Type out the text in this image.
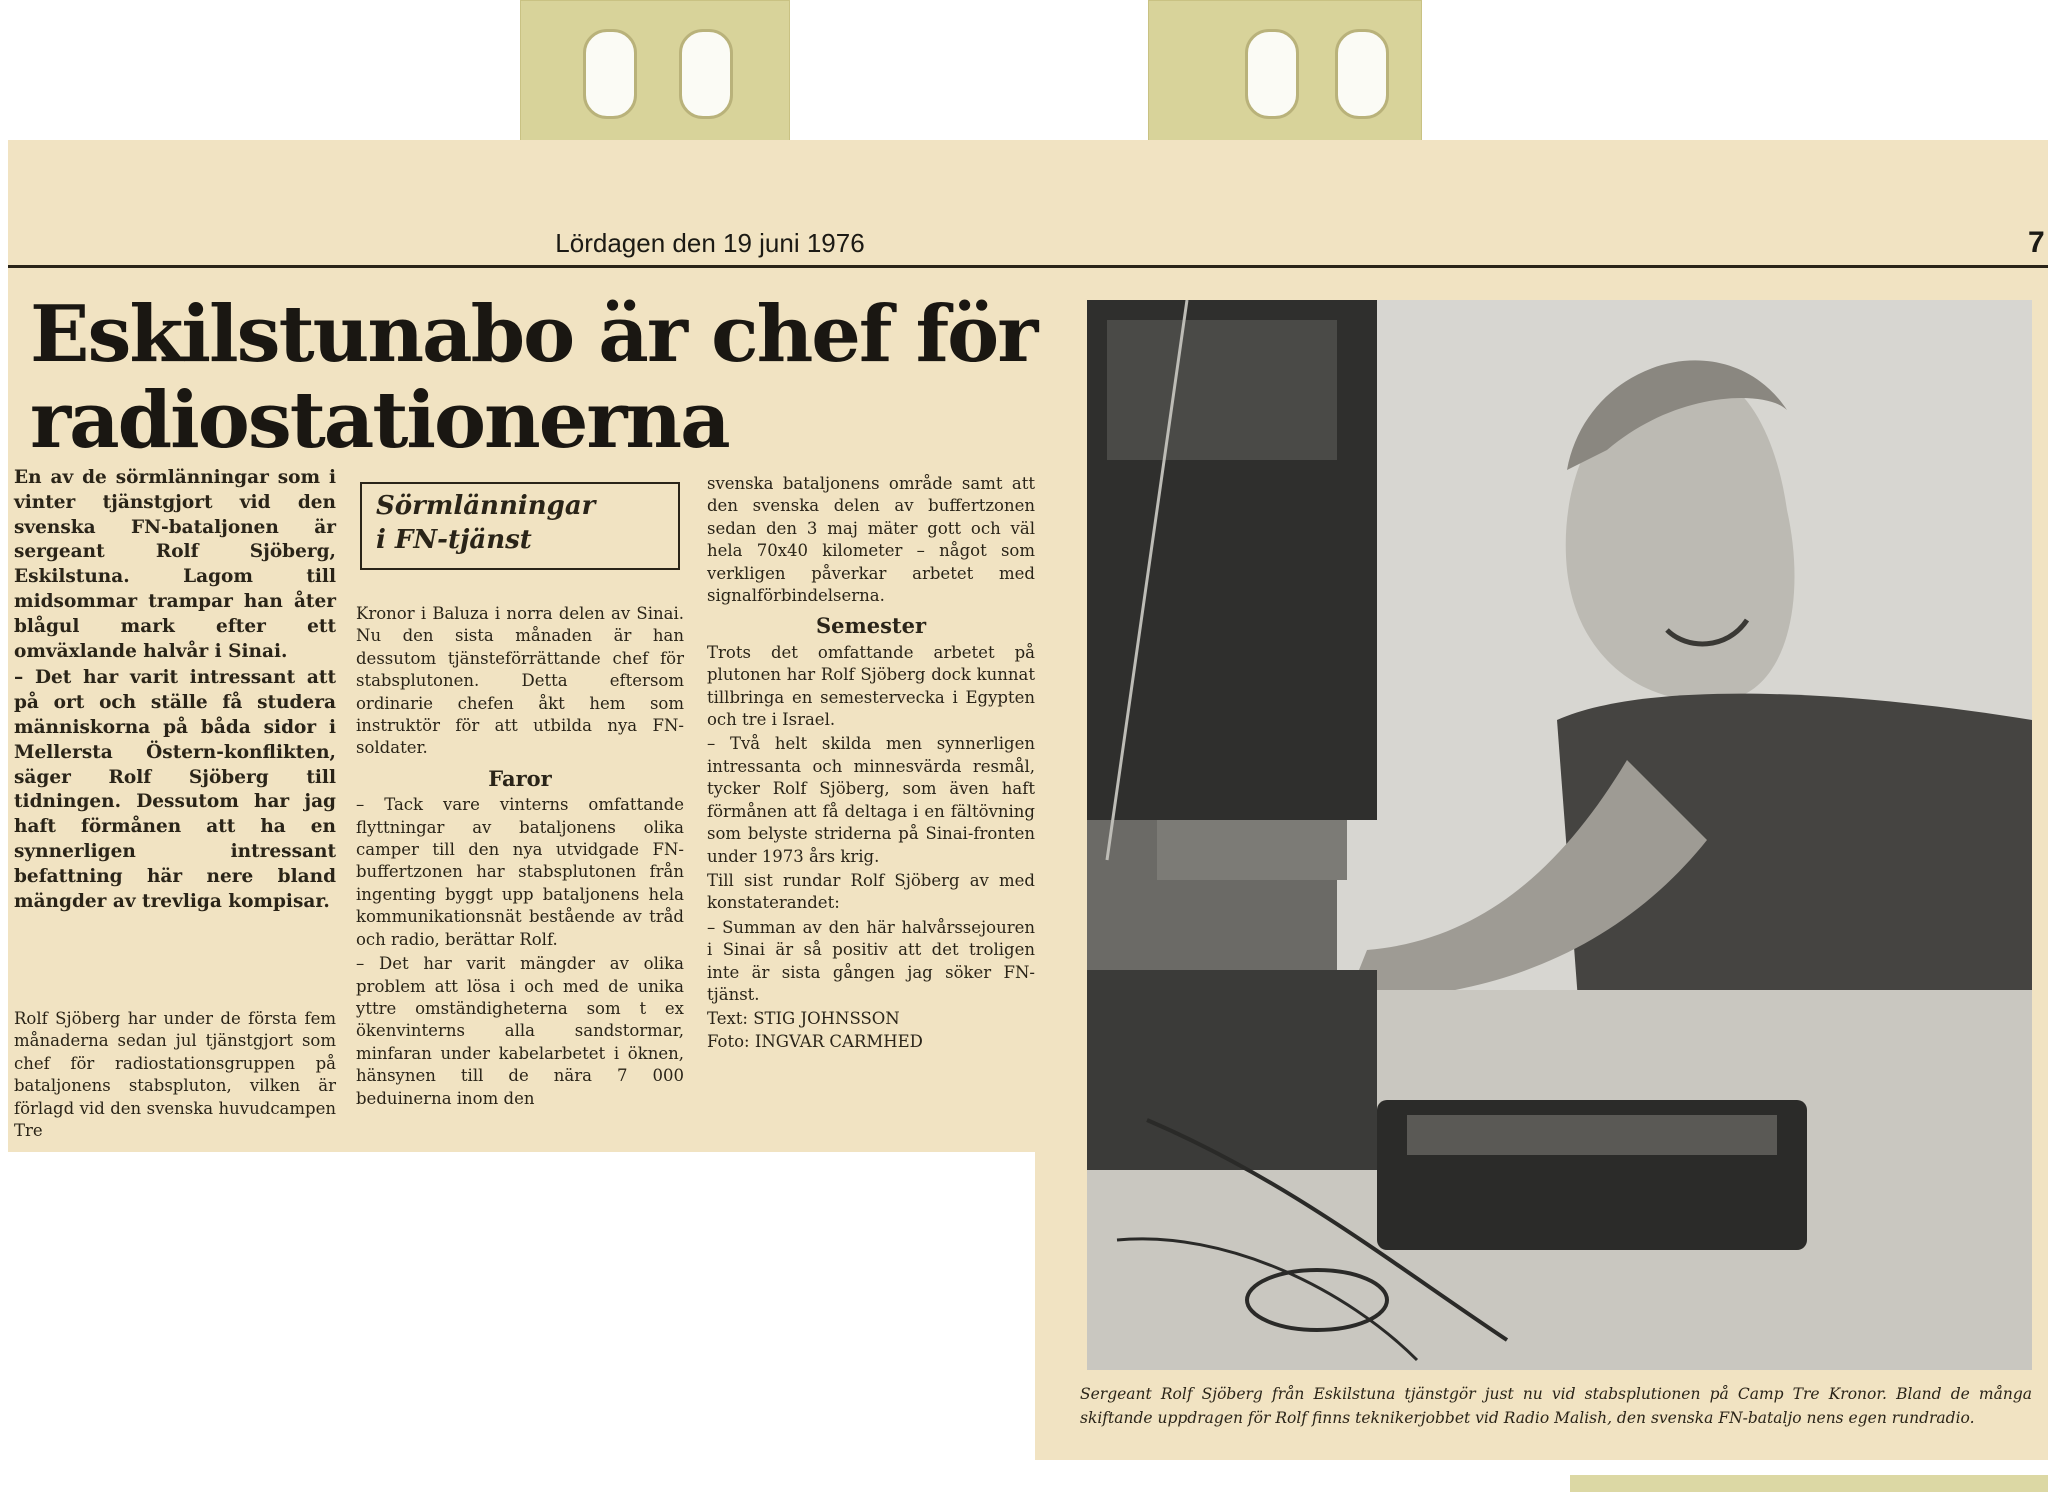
Lördagen den 19 juni 1976	7
Eskilstunabo är chef för radiostationerna

En av de sörmlänningar som i vinter tjänstgjort vid den svenska FN-bataljonen är sergeant Rolf Sjöberg, Eskilstuna. Lagom till midsommar trampar han åter blågul mark efter ett omväxlande halvår i Sinai.

– Det har varit intressant att på ort och ställe få studera människorna på båda sidor i Mellersta Östern-konflikten, säger Rolf Sjöberg till tidningen. Dessutom har jag haft förmånen att ha en synnerligen intressant befattning här nere bland mängder av trevliga kompisar.

Rolf Sjöberg har under de första fem månaderna sedan jul tjänstgjort som chef för radiostationsgruppen på bataljonens stabspluton, vilken är förlagd vid den svenska huvudcampen Tre

Sörmlänningar
i FN-tjänst

Kronor i Baluza i norra delen av Sinai. Nu den sista månaden är han dessutom tjänsteförrättande chef för stabsplutonen. Detta eftersom ordinarie chefen åkt hem som instruktör för att utbilda nya FN-soldater.

Faror

– Tack vare vinterns omfattande flyttningar av bataljonens olika camper till den nya utvidgade FN-buffertzonen har stabsplutonen från ingenting byggt upp bataljonens hela kommunikationsnät bestående av tråd och radio, berättar Rolf.

– Det har varit mängder av olika problem att lösa i och med de unika yttre omständigheterna som t ex ökenvinterns alla sandstormar, minfaran under kabelarbetet i öknen, hänsynen till de nära 7 000 beduinerna inom den

svenska bataljonens område samt att den svenska delen av buffertzonen sedan den 3 maj mäter gott och väl hela 70x40 kilometer – något som verkligen påverkar arbetet med signalförbindelserna.

Semester

Trots det omfattande arbetet på plutonen har Rolf Sjöberg dock kunnat tillbringa en semestervecka i Egypten och tre i Israel.

– Två helt skilda men synnerligen intressanta och minnesvärda resmål, tycker Rolf Sjöberg, som även haft förmånen att få deltaga i en fältövning som belyste striderna på Sinai-fronten under 1973 års krig.

Till sist rundar Rolf Sjöberg av med konstaterandet:

– Summan av den här halvårssejouren i Sinai är så positiv att det troligen inte är sista gången jag söker FN-tjänst.

Text: STIG JOHNSSON
Foto: INGVAR CARMHED
Sergeant Rolf Sjöberg från Eskilstuna tjänstgör just nu vid stabsplutionen på Camp Tre Kronor. Bland de många skiftande uppdragen för Rolf finns teknikerjobbet vid Radio Malish, den svenska FN-bataljo nens egen rundradio.
